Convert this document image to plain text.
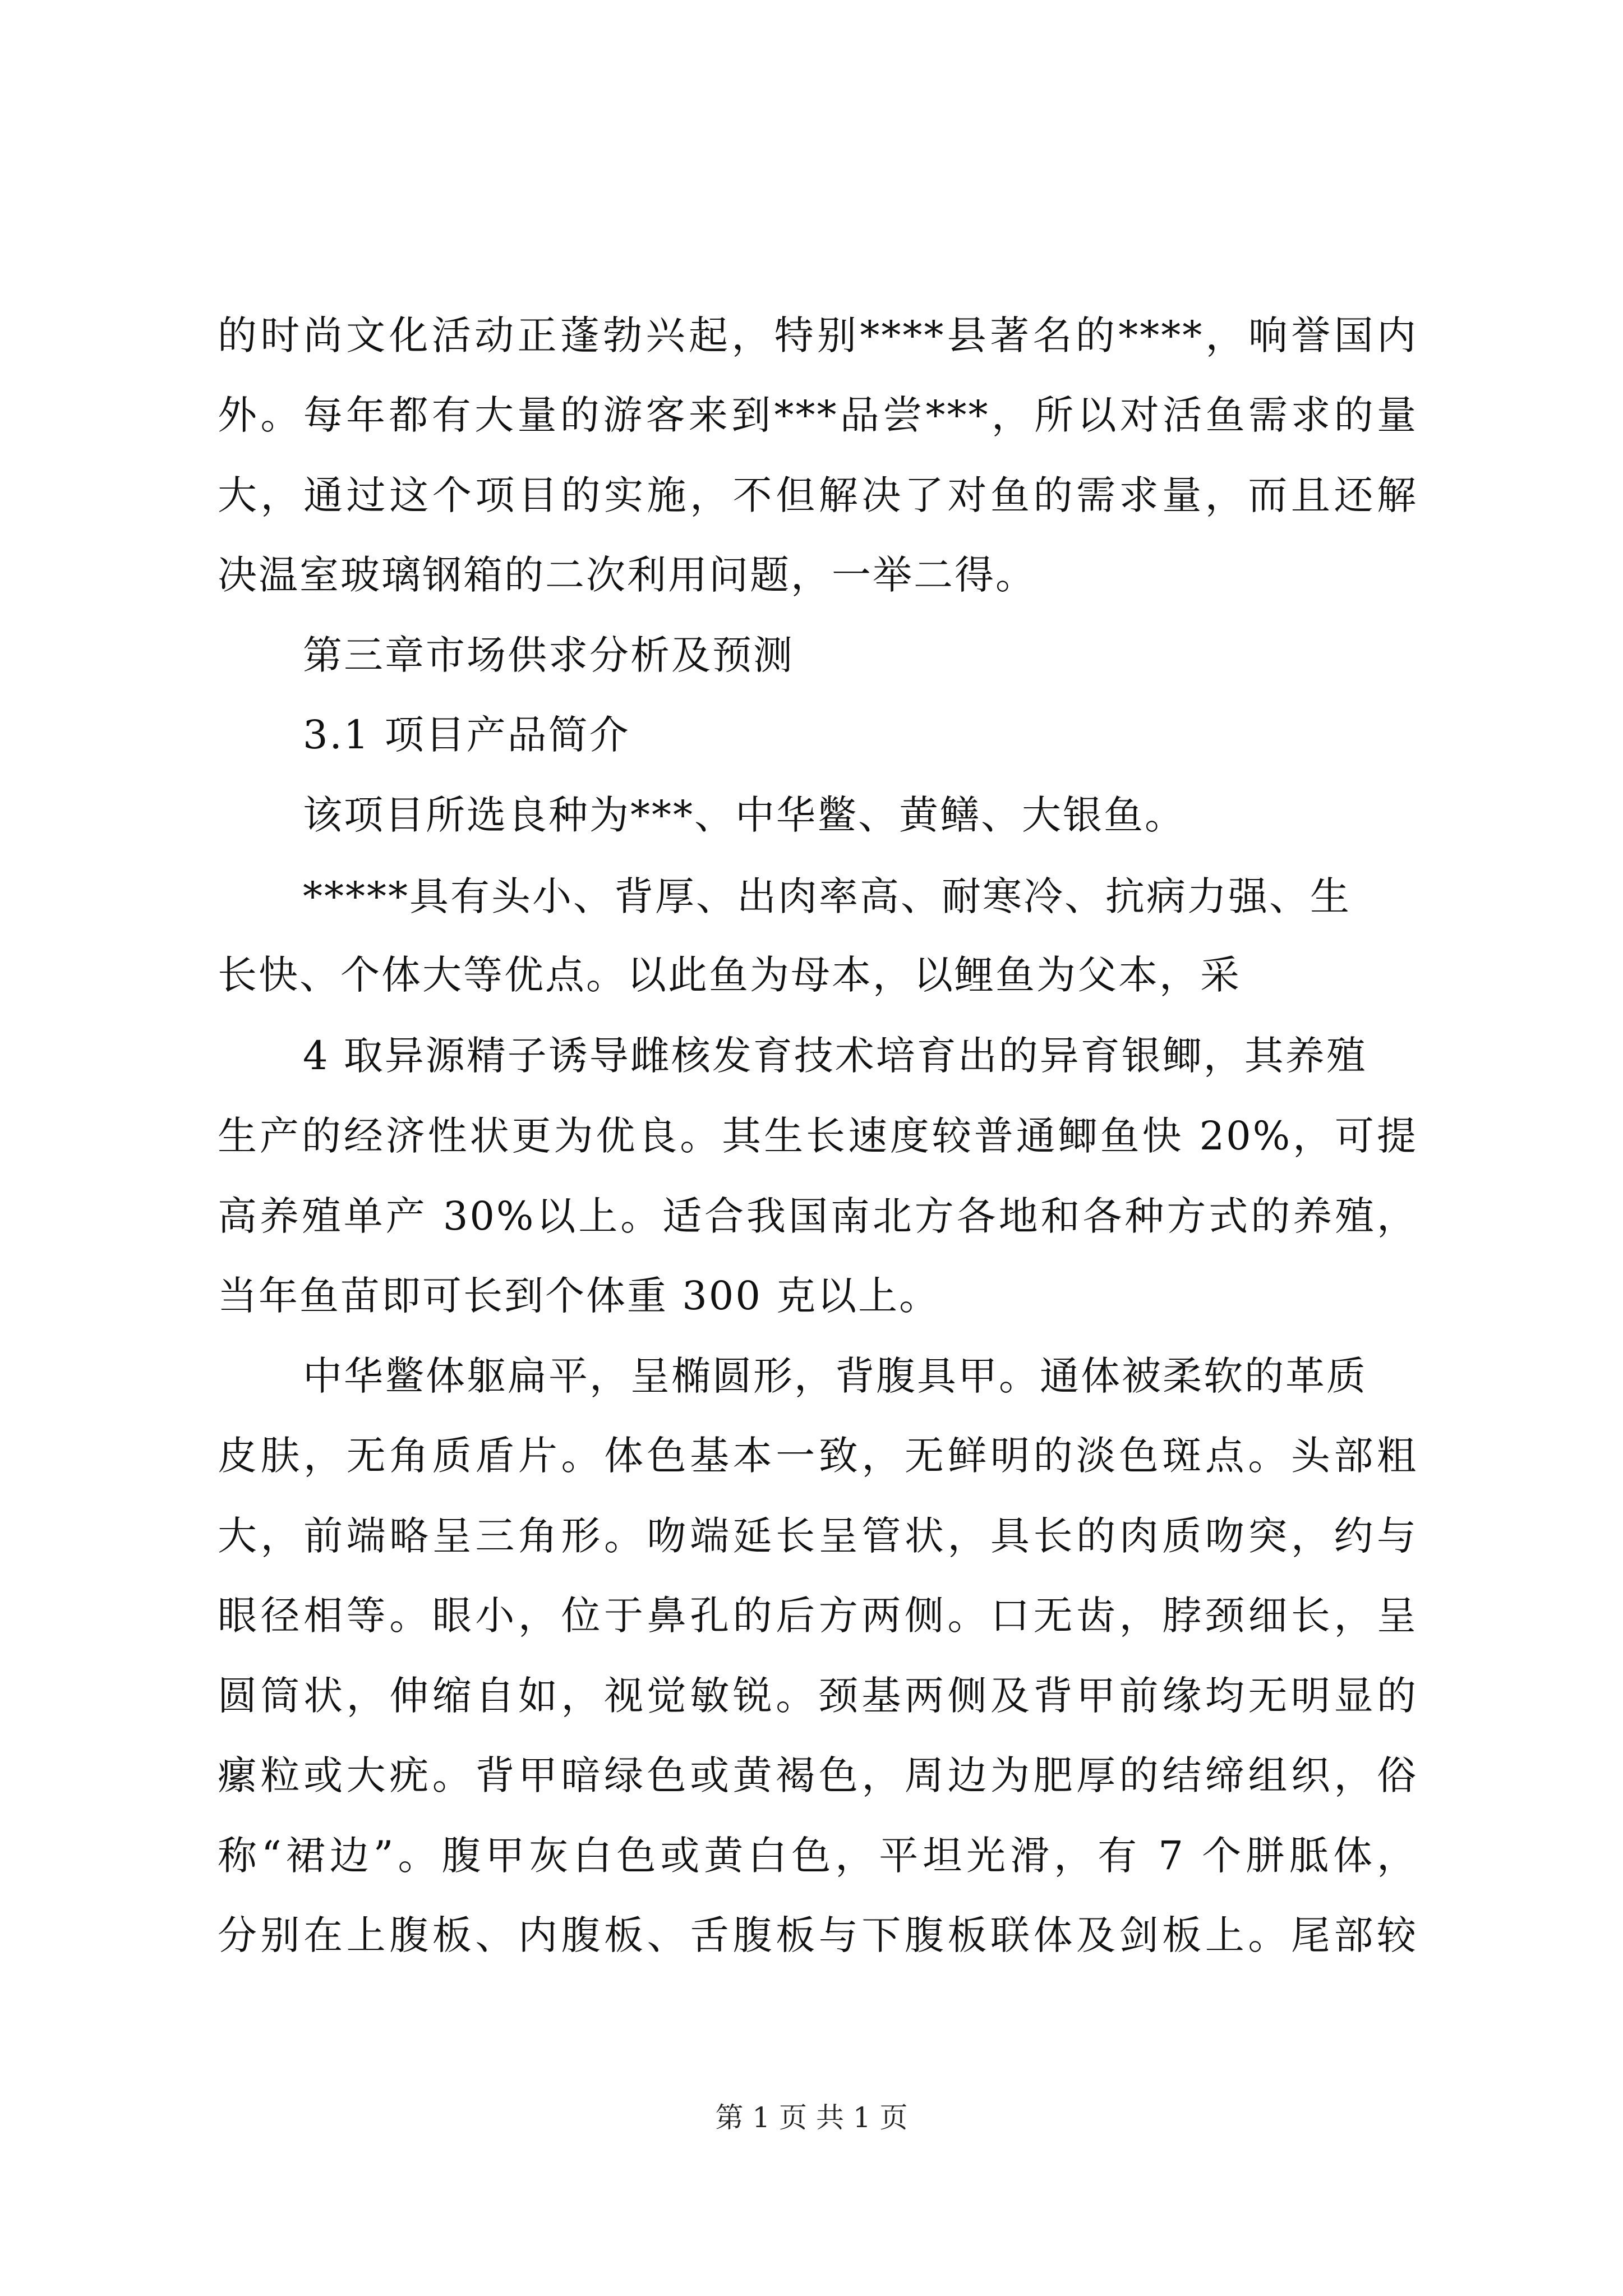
的时尚文化活动正蓬勃兴起，特别****县著名的****，响誉国内
外。每年都有大量的游客来到***品尝***，所以对活鱼需求的量
大，通过这个项目的实施，不但解决了对鱼的需求量，而且还解
决温室玻璃钢箱的二次利用问题，一举二得。
第三章市场供求分析及预测
3.1 项目产品简介
该项目所选良种为***、中华鳖、黄鳝、大银鱼。
*****具有头小、背厚、出肉率高、耐寒冷、抗病力强、生
长快、个体大等优点。以此鱼为母本，以鲤鱼为父本，采
4 取异源精子诱导雌核发育技术培育出的异育银鲫，其养殖
生产的经济性状更为优良。其生长速度较普通鲫鱼快 20%，可提
高养殖单产 30%以上。适合我国南北方各地和各种方式的养殖，
当年鱼苗即可长到个体重 300 克以上。
中华鳖体躯扁平，呈椭圆形，背腹具甲。通体被柔软的革质
皮肤，无角质盾片。体色基本一致，无鲜明的淡色斑点。头部粗
大，前端略呈三角形。吻端延长呈管状，具长的肉质吻突，约与
眼径相等。眼小，位于鼻孔的后方两侧。口无齿，脖颈细长，呈
圆筒状，伸缩自如，视觉敏锐。颈基两侧及背甲前缘均无明显的
瘰粒或大疣。背甲暗绿色或黄褐色，周边为肥厚的结缔组织，俗
称“裙边”。腹甲灰白色或黄白色，平坦光滑，有 7 个胼胝体，
分别在上腹板、内腹板、舌腹板与下腹板联体及剑板上。尾部较
第 1 页 共 1 页
